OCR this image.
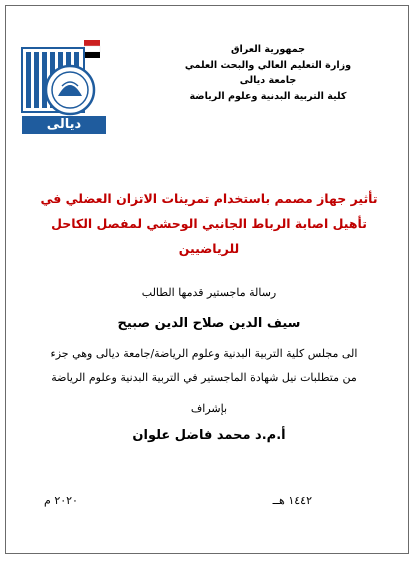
ديالى
جمهورية العراق
وزارة التعليم العالي والبحث العلمي
جامعة ديالى
كلية التربية البدنية وعلوم الرياضة
تأثير جهاز مصمم باستخدام تمرينات الاتزان العضلي في
تأهيل اصابة الرباط الجانبي الوحشي لمفصل الكاحل
للرياضيين
رسالة ماجستير قدمها الطالب
سيف الدين صلاح الدين صبيح
الى مجلس كلية التربية البدنية وعلوم الرياضة/جامعة ديالى وهي جزء
من متطلبات نيل شهادة الماجستير في التربية البدنية وعلوم الرياضة
بإشراف
أ.م.د محمد فاضل علوان
١٤٤٢ هــ
٢٠٢٠ م
